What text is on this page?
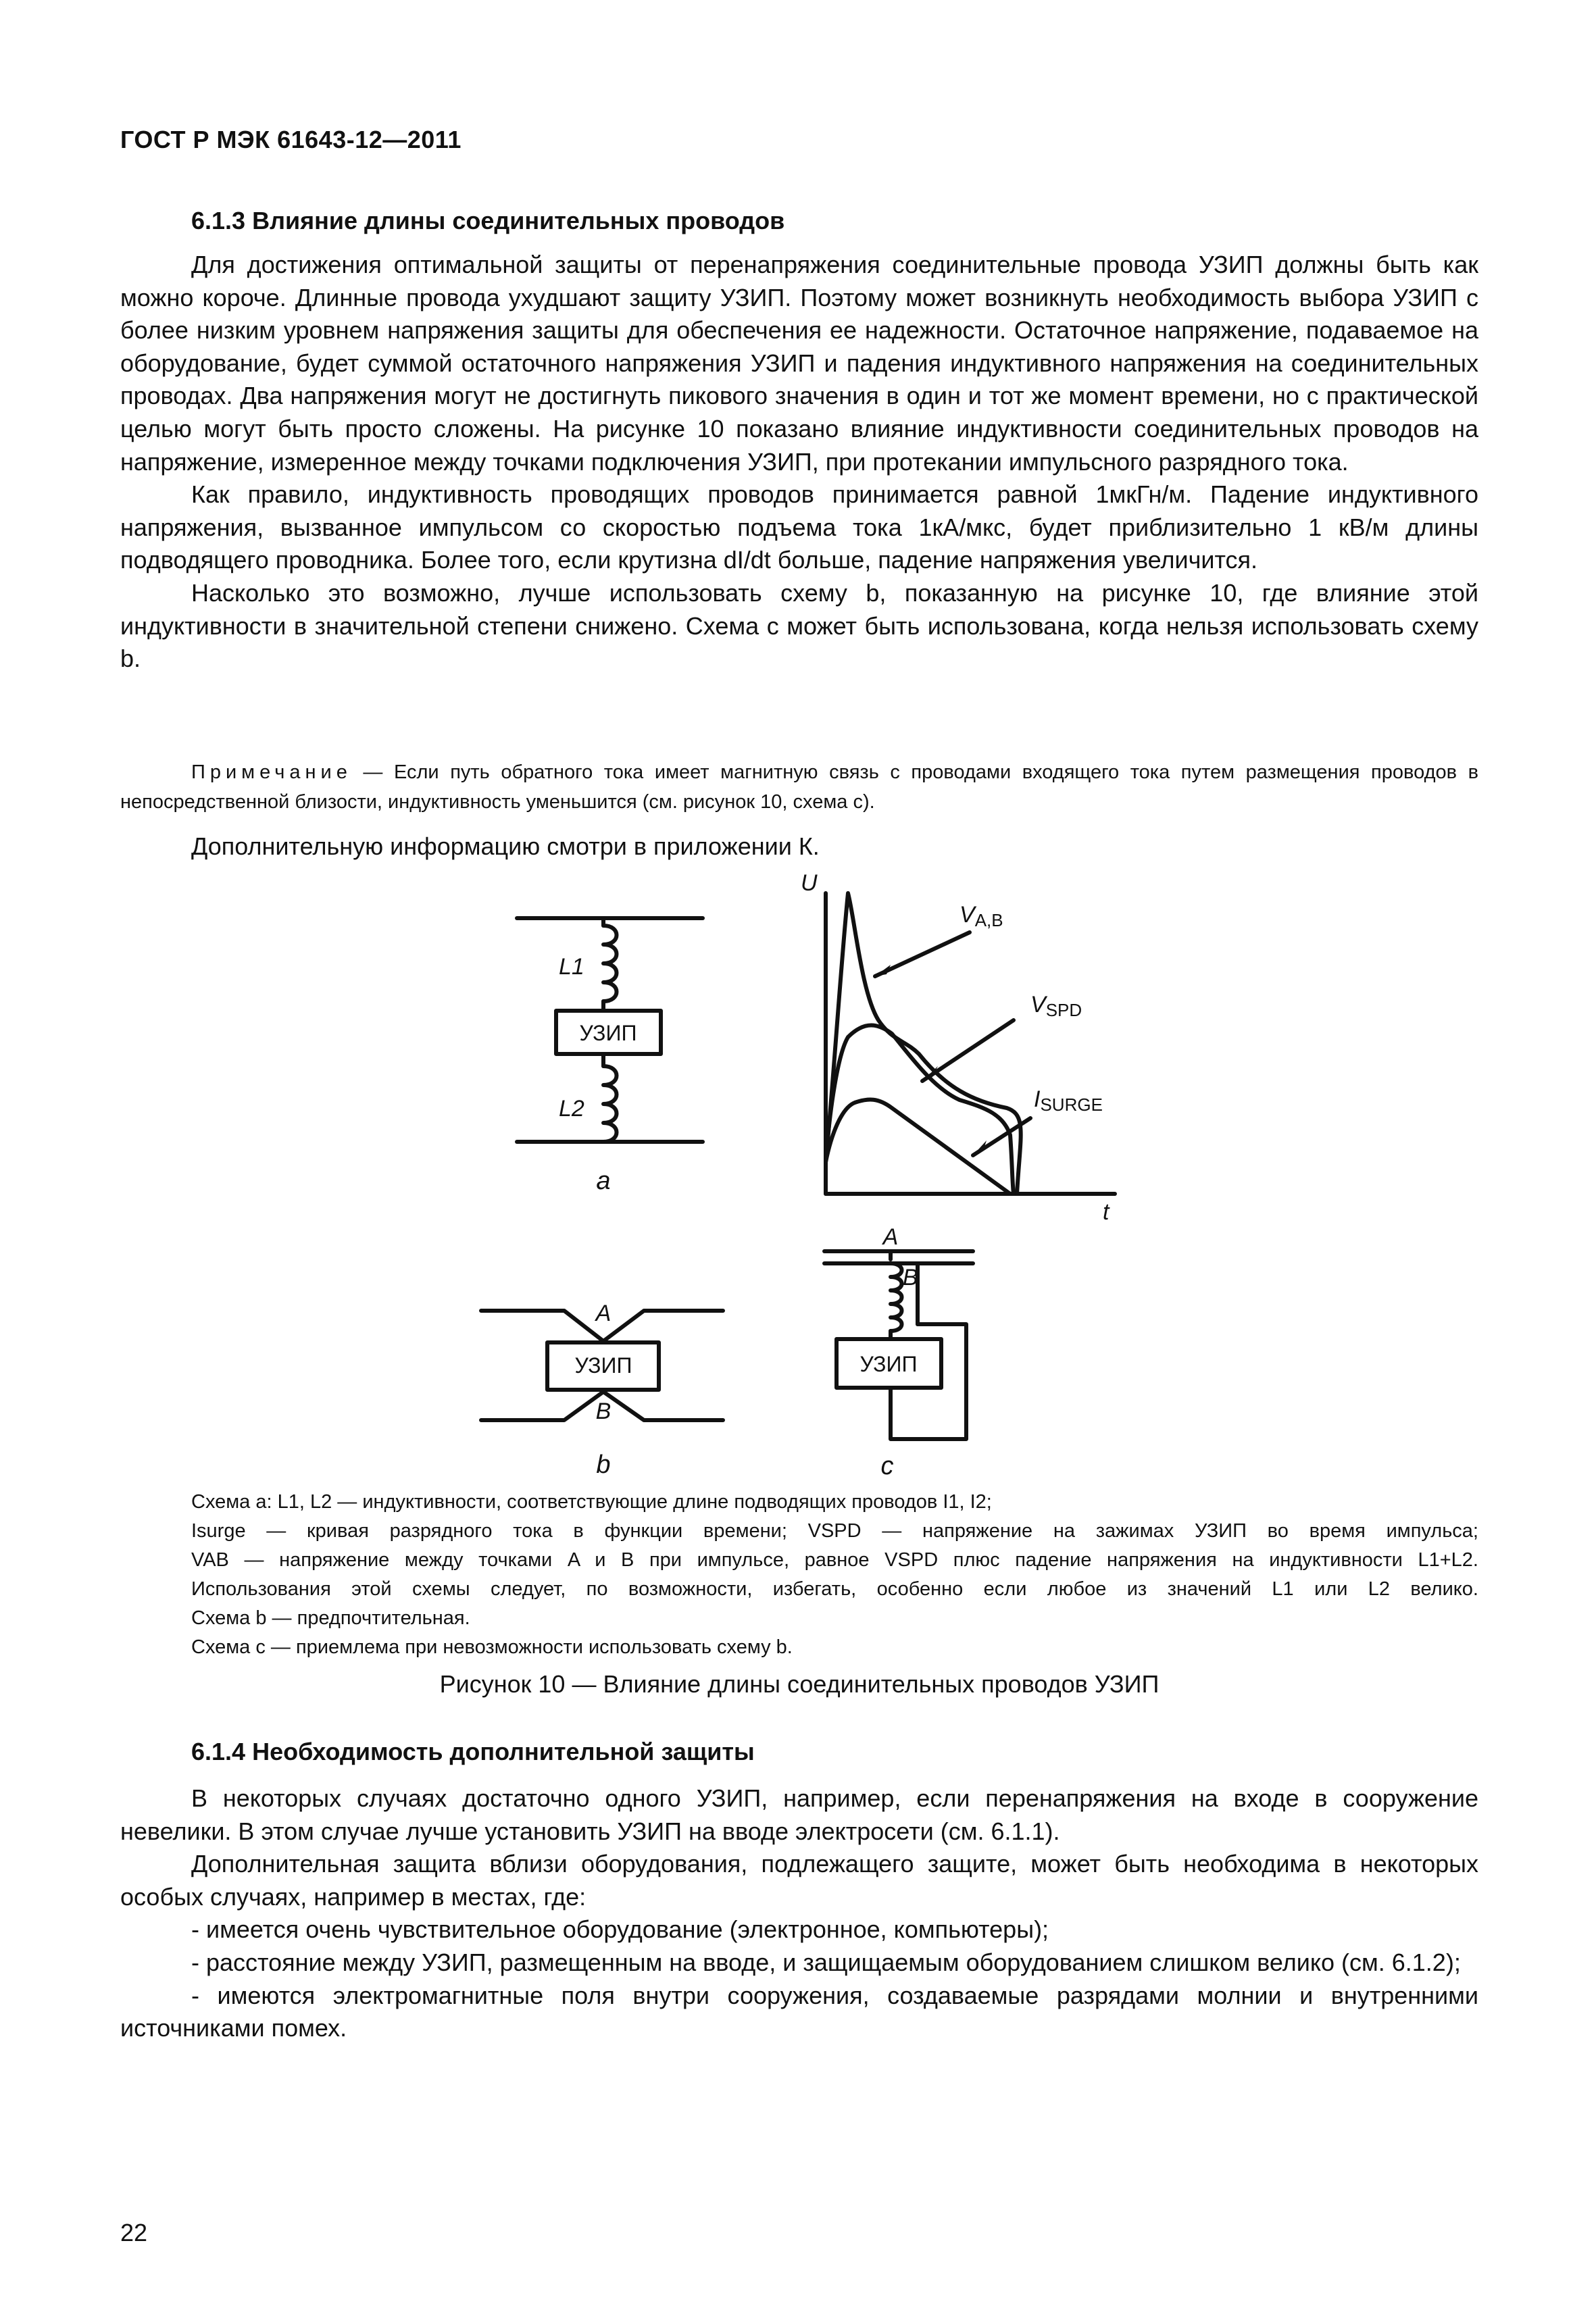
ГОСТ Р МЭК 61643-12—2011
6.1.3 Влияние длины соединительных проводов

Для достижения оптимальной защиты от перенапряжения соединительные провода УЗИП должны быть как можно короче. Длинные провода ухудшают защиту УЗИП. Поэтому может возникнуть необходимость выбора УЗИП с более низким уровнем напряжения защиты для обеспечения ее надежности. Остаточное напряжение, подаваемое на оборудование, будет суммой остаточного напряжения УЗИП и падения индуктивного напряжения на соединительных проводах. Два напряжения могут не достигнуть пикового значения в один и тот же момент времени, но с практической целью могут быть просто сложены. На рисунке 10 показано влияние индуктивности соединительных проводов на напряжение, измеренное между точками подключения УЗИП, при протекании импульсного разрядного тока.

Как правило, индуктивность проводящих проводов принимается равной 1мкГн/м. Падение индуктивного напряжения, вызванное импульсом со скоростью подъема тока 1кА/мкс, будет приблизительно 1 кВ/м длины подводящего проводника. Более того, если крутизна dI/dt больше, падение напряжения увеличится.

Насколько это возможно, лучше использовать схему b, показанную на рисунке 10, где влияние этой индуктивности в значительной степени снижено. Схема c может быть использована, когда нельзя использовать схему b.

Примечание — Если путь обратного тока имеет магнитную связь с проводами входящего тока путем размещения проводов в непосредственной близости, индуктивность уменьшится (см. рисунок 10, схема c).

Дополнительную информацию смотри в приложении К.
L1
L2
УЗИП
a
A
УЗИП
B
b
A
B
УЗИП
c
U
t
VA,B
VSPD
ISURGE
Схема a: L1, L2 — индуктивности, соответствующие длине подводящих проводов I1, I2;
Isurge — кривая разрядного тока в функции времени; VSPD — напряжение на зажимах УЗИП во время импульса;
VAB — напряжение между точками A и B при импульсе, равное VSPD плюс падение напряжения на индуктивности L1+L2.
Использования этой схемы следует, по возможности, избегать, особенно если любое из значений L1 или L2 велико.
Схема b — предпочтительная.
Схема c — приемлема при невозможности использовать схему b.
Рисунок 10 — Влияние длины соединительных проводов УЗИП
6.1.4 Необходимость дополнительной защиты

В некоторых случаях достаточно одного УЗИП, например, если перенапряжения на входе в сооружение невелики. В этом случае лучше установить УЗИП на вводе электросети (см. 6.1.1).

Дополнительная защита вблизи оборудования, подлежащего защите, может быть необходима в некоторых особых случаях, например в местах, где:

- имеется очень чувствительное оборудование (электронное, компьютеры);

- расстояние между УЗИП, размещенным на вводе, и защищаемым оборудованием слишком велико (см. 6.1.2);

- имеются электромагнитные поля внутри сооружения, создаваемые разрядами молнии и внутренними источниками помех.

22
